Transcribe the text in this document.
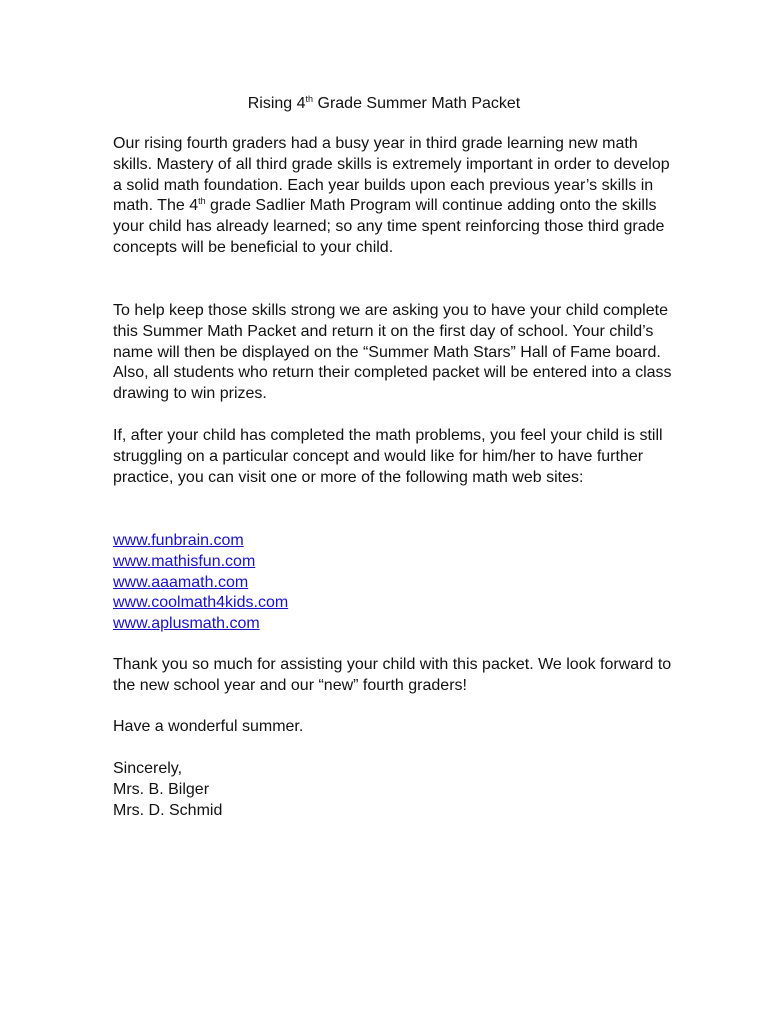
Rising 4th Grade Summer Math Packet

Our rising fourth graders had a busy year in third grade learning new math skills. Mastery of all third grade skills is extremely important in order to develop a solid math foundation. Each year builds upon each previous year’s skills in math. The 4th grade Sadlier Math Program will continue adding onto the skills your child has already learned; so any time spent reinforcing those third grade concepts will be beneficial to your child.

To help keep those skills strong we are asking you to have your child complete this Summer Math Packet and return it on the first day of school. Your child’s name will then be displayed on the “Summer Math Stars” Hall of Fame board. Also, all students who return their completed packet will be entered into a class drawing to win prizes.

If, after your child has completed the math problems, you feel your child is still struggling on a particular concept and would like for him/her to have further practice, you can visit one or more of the following math web sites:

www.funbrain.com
www.mathisfun.com
www.aaamath.com
www.coolmath4kids.com
www.aplusmath.com

Thank you so much for assisting your child with this packet. We look forward to the new school year and our “new” fourth graders!

Have a wonderful summer.

Sincerely,
Mrs. B. Bilger
Mrs. D. Schmid
